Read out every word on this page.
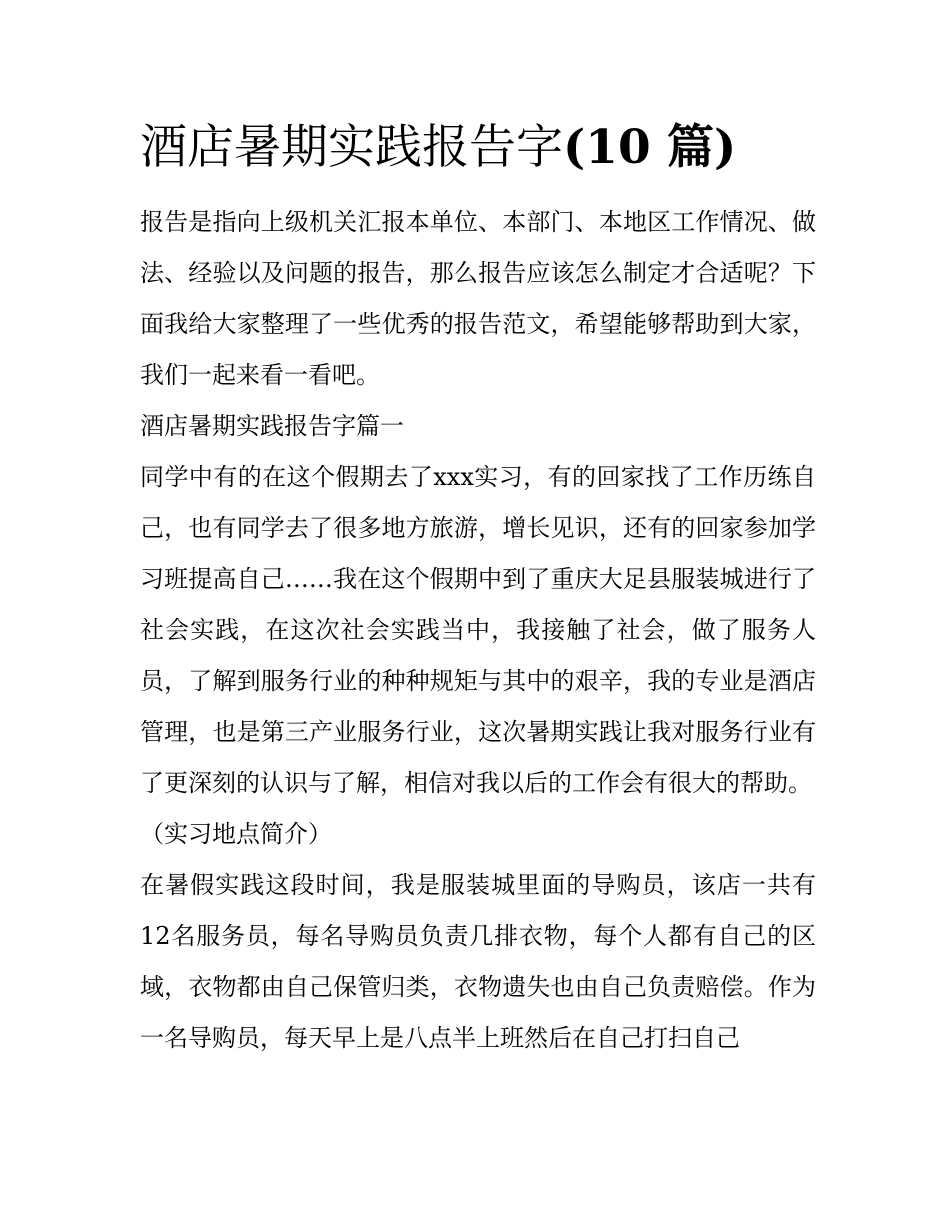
酒店暑期实践报告字(10 篇)

报告是指向上级机关汇报本单位、本部门、本地区工作情况、做法、经验以及问题的报告，那么报告应该怎么制定才合适呢？下面我给大家整理了一些优秀的报告范文，希望能够帮助到大家，我们一起来看一看吧。

酒店暑期实践报告字篇一

同学中有的在这个假期去了xxx实习，有的回家找了工作历练自己，也有同学去了很多地方旅游，增长见识，还有的回家参加学习班提高自己……我在这个假期中到了重庆大足县服装城进行了社会实践，在这次社会实践当中，我接触了社会，做了服务人员，了解到服务行业的种种规矩与其中的艰辛，我的专业是酒店管理，也是第三产业服务行业，这次暑期实践让我对服务行业有了更深刻的认识与了解，相信对我以后的工作会有很大的帮助。

（实习地点简介）

在暑假实践这段时间，我是服装城里面的导购员，该店一共有12名服务员，每名导购员负责几排衣物，每个人都有自己的区域，衣物都由自己保管归类，衣物遗失也由自己负责赔偿。作为一名导购员，每天早上是八点半上班然后在自己打扫自己
